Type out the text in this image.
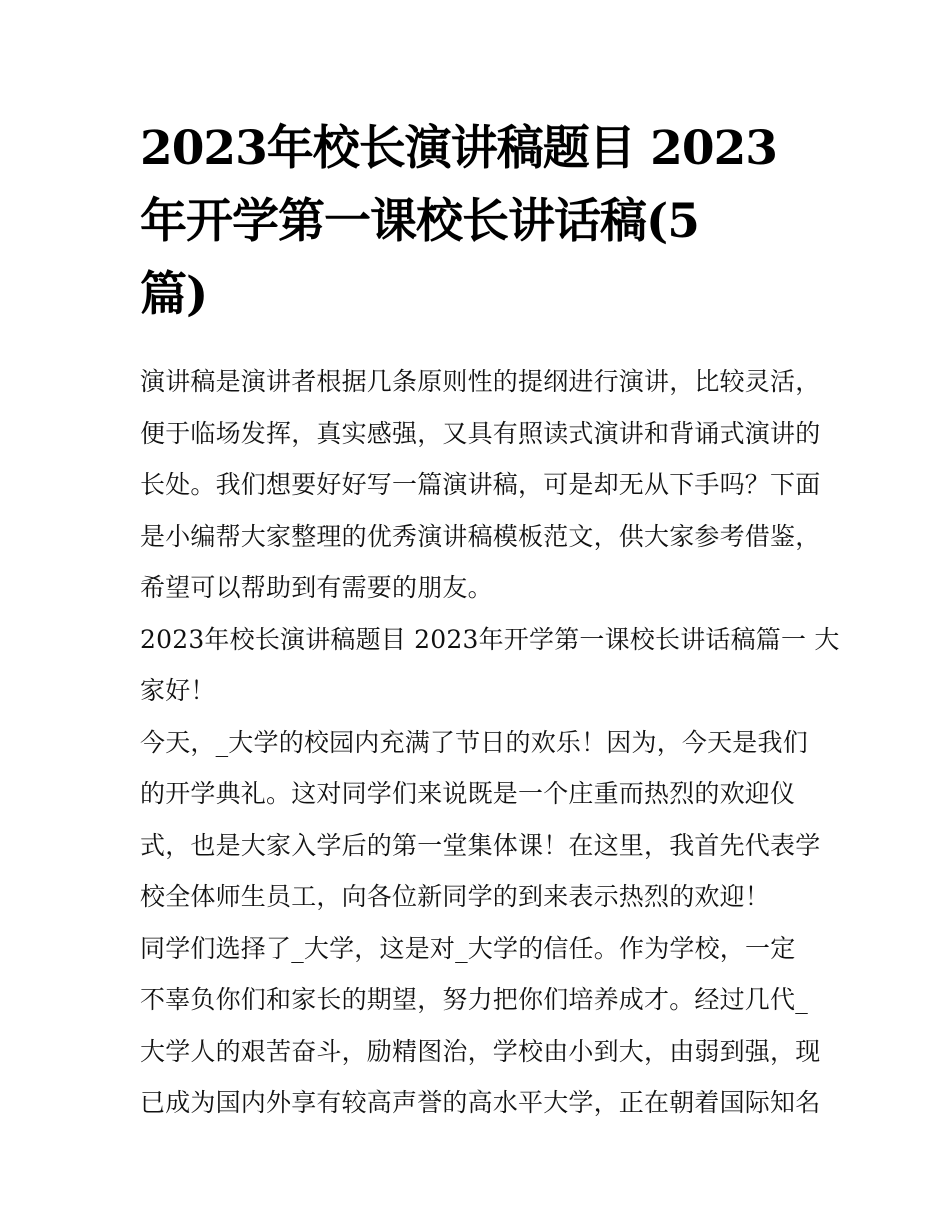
2023年校长演讲稿题目 2023
年开学第一课校长讲话稿(5
篇)
演讲稿是演讲者根据几条原则性的提纲进行演讲，比较灵活，
便于临场发挥，真实感强，又具有照读式演讲和背诵式演讲的
长处。我们想要好好写一篇演讲稿，可是却无从下手吗？下面
是小编帮大家整理的优秀演讲稿模板范文，供大家参考借鉴，
希望可以帮助到有需要的朋友。
2023年校长演讲稿题目 2023年开学第一课校长讲话稿篇一 大
家好！
今天，_大学的校园内充满了节日的欢乐！因为，今天是我们
的开学典礼。这对同学们来说既是一个庄重而热烈的欢迎仪
式，也是大家入学后的第一堂集体课！在这里，我首先代表学
校全体师生员工，向各位新同学的到来表示热烈的欢迎！
同学们选择了_大学，这是对_大学的信任。作为学校，一定
不辜负你们和家长的期望，努力把你们培养成才。经过几代_
大学人的艰苦奋斗，励精图治，学校由小到大，由弱到强，现
已成为国内外享有较高声誉的高水平大学，正在朝着国际知名
